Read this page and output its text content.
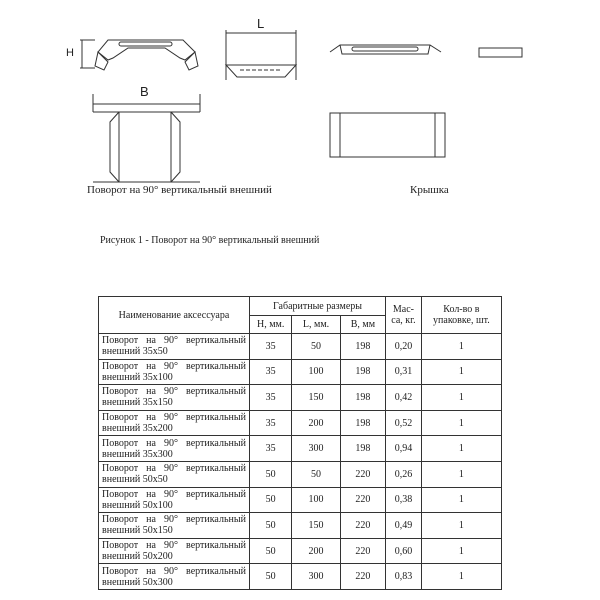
H
L
B
Поворот на 90° вертикальный внешний	Крышка
Рисунок 1 - Поворот на 90° вертикальный внешний
Наименование аксессуара	Габаритные размеры			Мас-са, кг.	Кол-во в упаковке, шт.
	H, мм.	L, мм.	B, мм		
Поворот на 90° вертикальный внешний 35x50	35	50	198	0,20	1
Поворот на 90° вертикальный внешний 35x100	35	100	198	0,31	1
Поворот на 90° вертикальный внешний 35x150	35	150	198	0,42	1
Поворот на 90° вертикальный внешний 35x200	35	200	198	0,52	1
Поворот на 90° вертикальный внешний 35x300	35	300	198	0,94	1
Поворот на 90° вертикальный внешний 50x50	50	50	220	0,26	1
Поворот на 90° вертикальный внешний 50x100	50	100	220	0,38	1
Поворот на 90° вертикальный внешний 50x150	50	150	220	0,49	1
Поворот на 90° вертикальный внешний 50x200	50	200	220	0,60	1
Поворот на 90° вертикальный внешний 50x300	50	300	220	0,83	1
